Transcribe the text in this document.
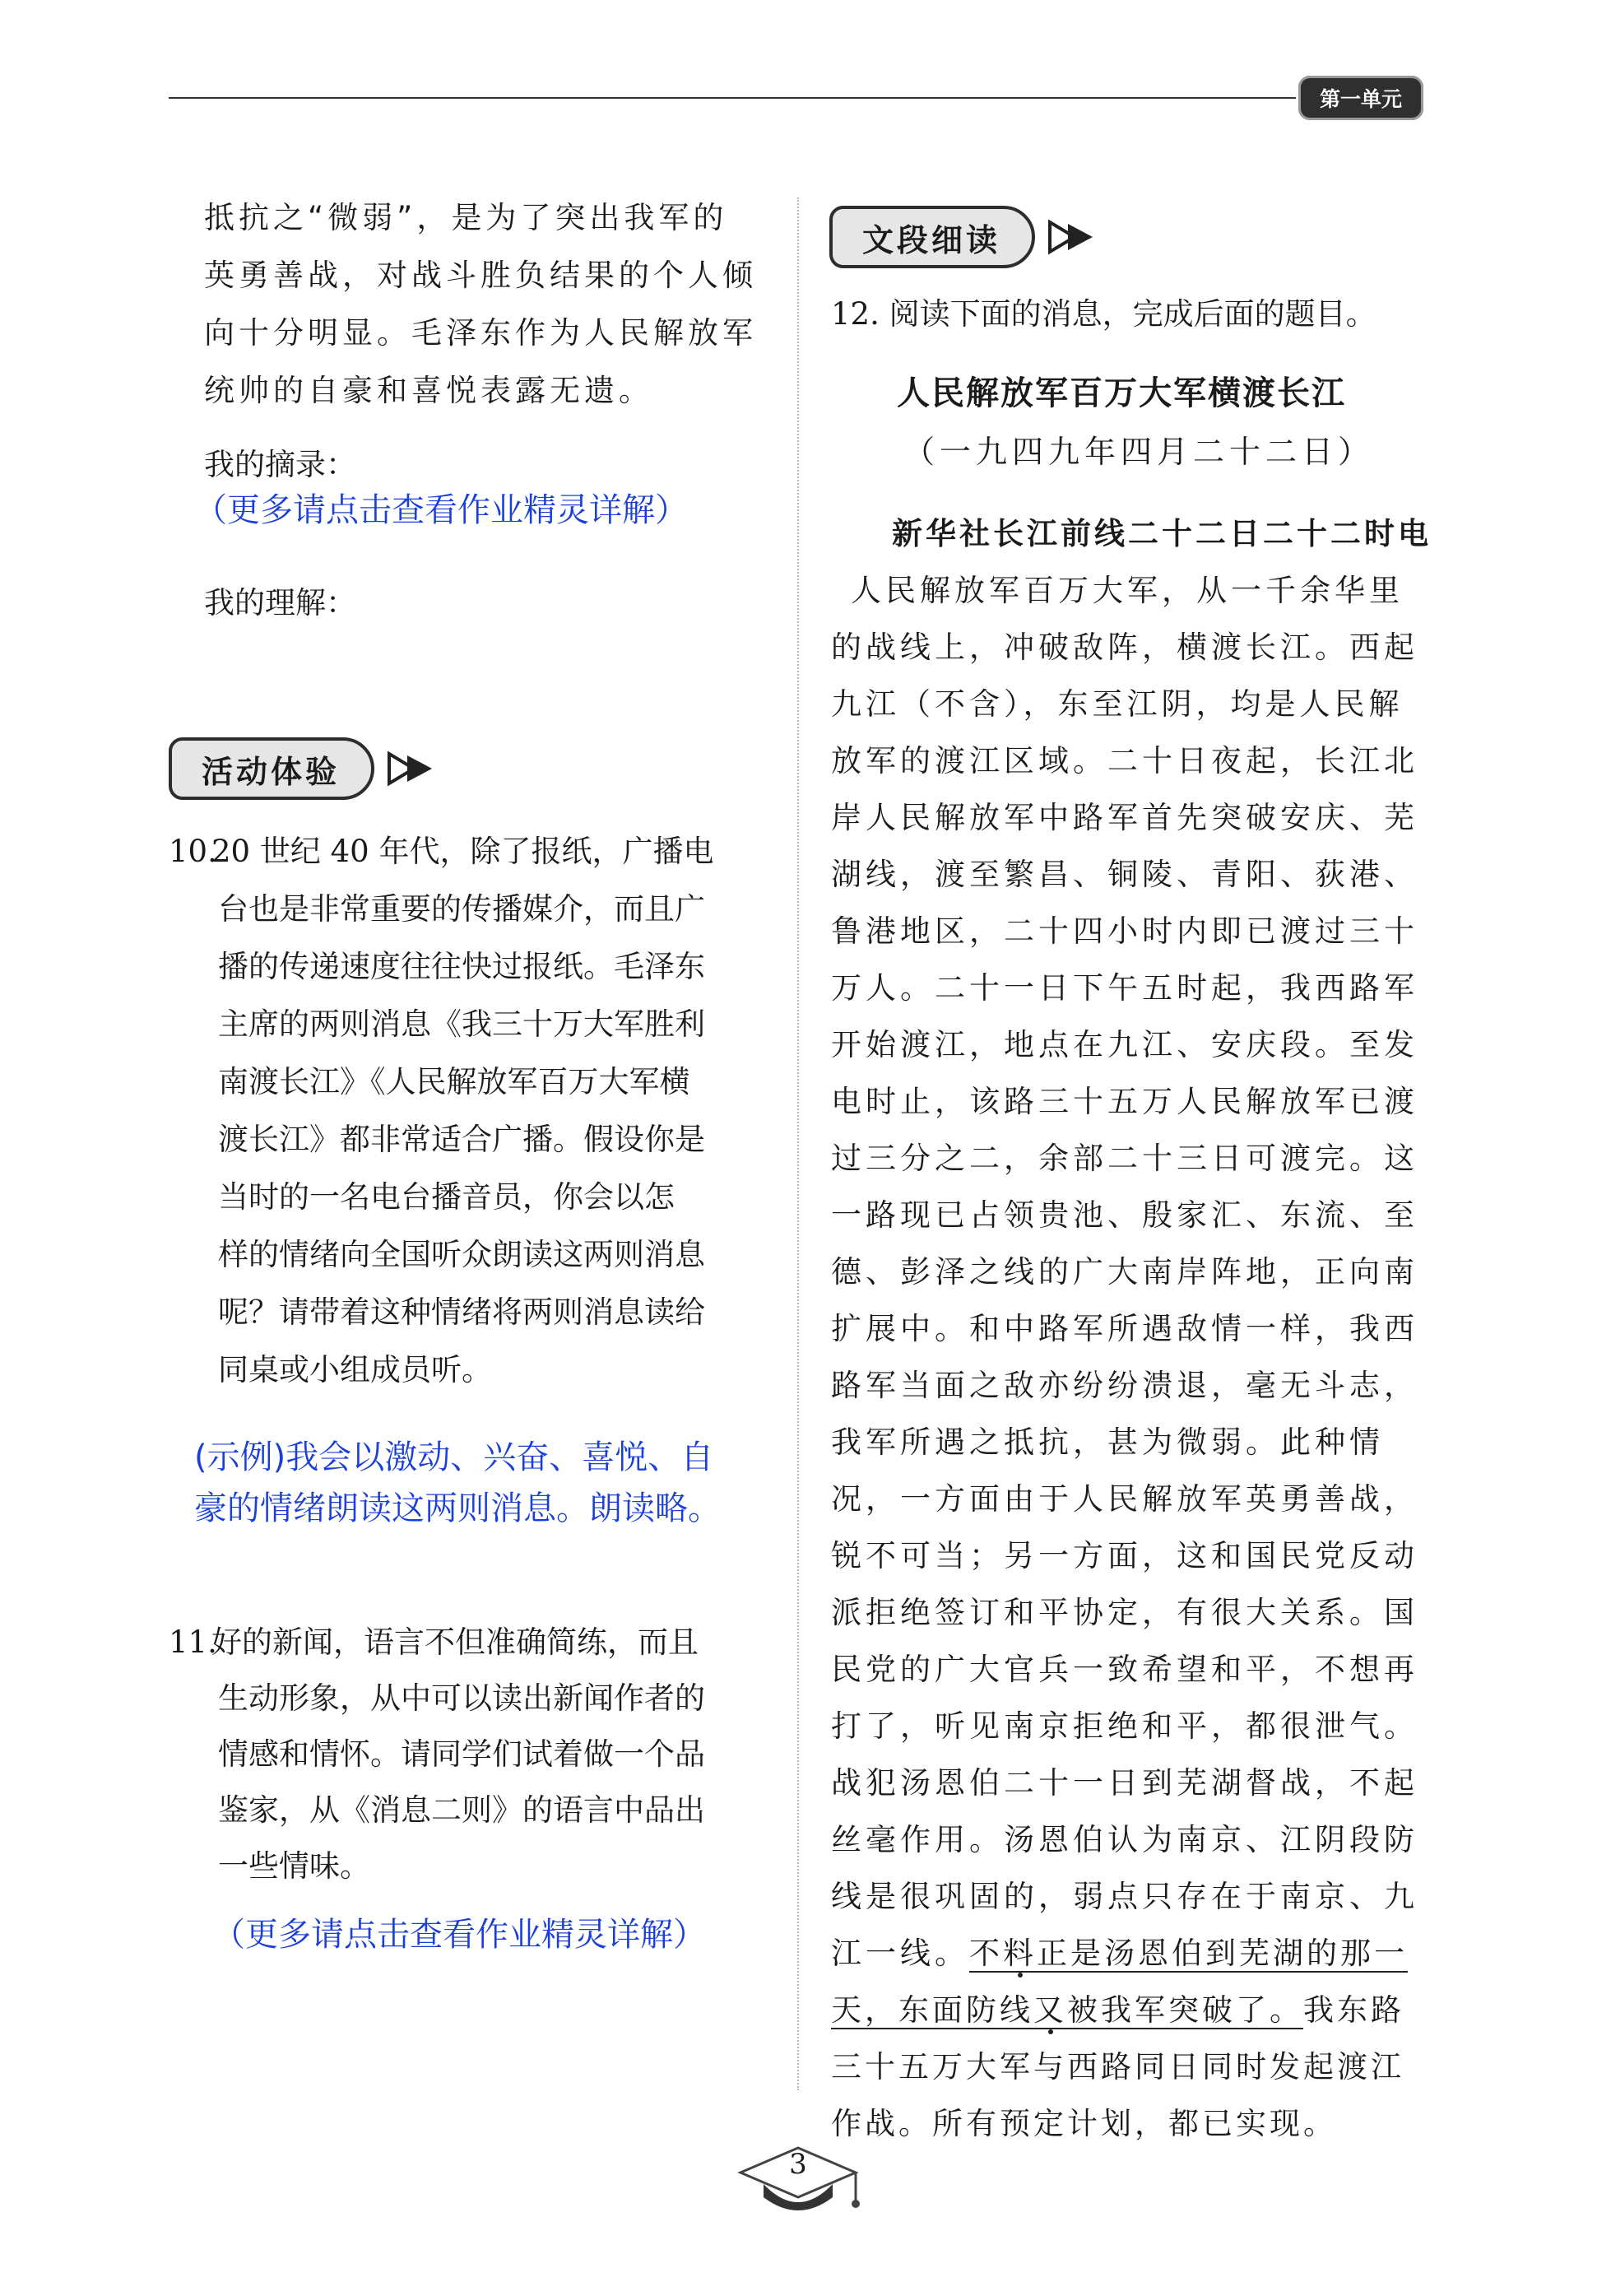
第一单元
抵抗之“微弱”，是为了突出我军的
英勇善战，对战斗胜负结果的个人倾
向十分明显。毛泽东作为人民解放军
统帅的自豪和喜悦表露无遗。
我的摘录：
（更多请点击查看作业精灵详解）
我的理解：
活动体验
10.20 世纪 40 年代，除了报纸，广播电
台也是非常重要的传播媒介，而且广
播的传递速度往往快过报纸。毛泽东
主席的两则消息《我三十万大军胜利
南渡长江》《人民解放军百万大军横
渡长江》都非常适合广播。假设你是
当时的一名电台播音员，你会以怎
样的情绪向全国听众朗读这两则消息
呢？请带着这种情绪将两则消息读给
同桌或小组成员听。
(示例)我会以激动、兴奋、喜悦、自
豪的情绪朗读这两则消息。朗读略。
11.好的新闻，语言不但准确简练，而且
生动形象，从中可以读出新闻作者的
情感和情怀。请同学们试着做一个品
鉴家，从《消息二则》的语言中品出
一些情味。
（更多请点击查看作业精灵详解）
文段细读
12. 阅读下面的消息，完成后面的题目。
人民解放军百万大军横渡长江
（一九四九年四月二十二日）
新华社长江前线二十二日二十二时电 人民解放军百万大军，从一千余华里的战线上，冲破敌阵，横渡长江。西起九江（不含），东至江阴，均是人民解放军的渡江区域。二十日夜起，长江北岸人民解放军中路军首先突破安庆、芜湖线，渡至繁昌、铜陵、青阳、荻港、鲁港地区，二十四小时内即已渡过三十万人。二十一日下午五时起，我西路军开始渡江，地点在九江、安庆段。至发电时止，该路三十五万人民解放军已渡过三分之二，余部二十三日可渡完。这一路现已占领贵池、殷家汇、东流、至德、彭泽之线的广大南岸阵地，正向南扩展中。和中路军所遇敌情一样，我西路军当面之敌亦纷纷溃退，毫无斗志，我军所遇之抵抗，甚为微弱。此种情况，一方面由于人民解放军英勇善战，锐不可当；另一方面，这和国民党反动派拒绝签订和平协定，有很大关系。国民党的广大官兵一致希望和平，不想再打了，听见南京拒绝和平，都很泄气。战犯汤恩伯二十一日到芜湖督战，不起丝毫作用。汤恩伯认为南京、江阴段防线是很巩固的，弱点只存在于南京、九江一线。不料正是汤恩伯到芜湖的那一天，东面防线又被我军突破了。我东路三十五万大军与西路同日同时发起渡江作战。所有预定计划，都已实现。
3
